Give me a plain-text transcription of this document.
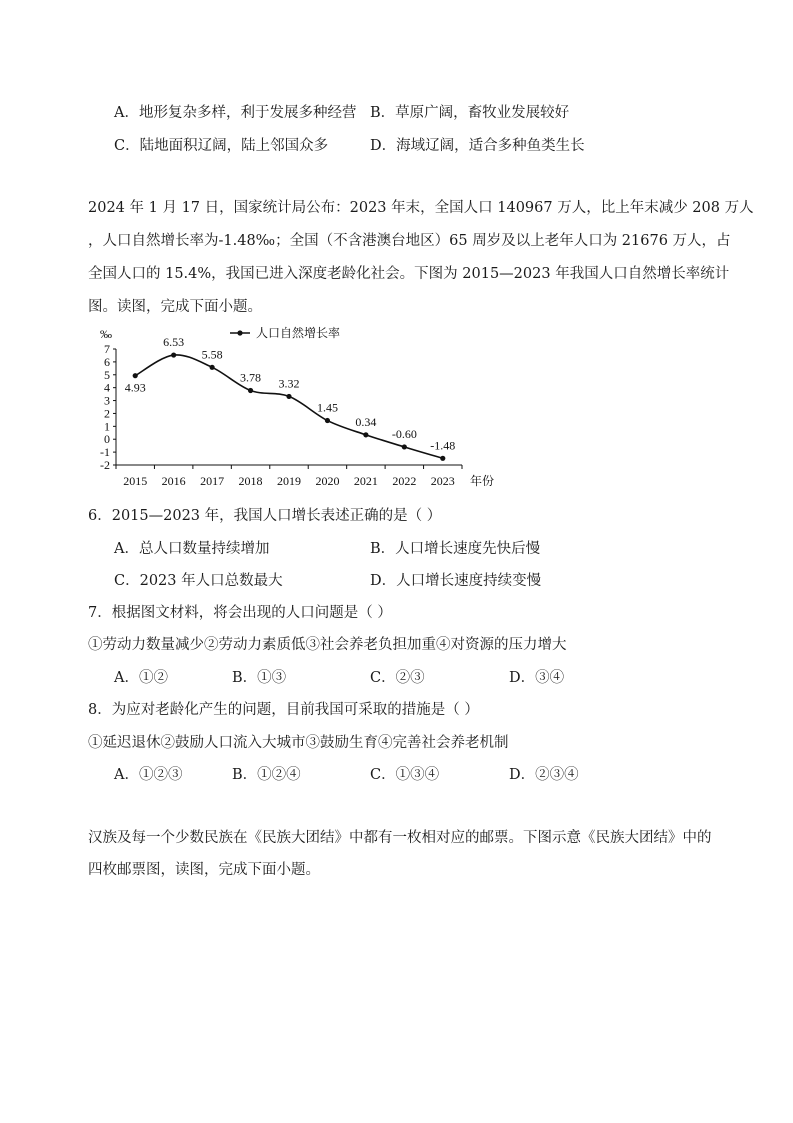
A．地形复杂多样，利于发展多种经营 B．草原广阔，畜牧业发展较好
C．陆地面积辽阔，陆上邻国众多	D．海域辽阔，适合多种鱼类生长
2024 年 1 月 17 日，国家统计局公布：2023 年末，全国人口 140967 万人，比上年末减少 208 万人
，人口自然增长率为-1.48‰；全国（不含港澳台地区）65 周岁及以上老年人口为 21676 万人，占
全国人口的 15.4%，我国已进入深度老龄化社会。下图为 2015—2023 年我国人口自然增长率统计
图。读图，完成下面小题。
-2
-1
0
1
2
3
4
5
6
7
2015 2016 2017 2018 2019 2020 2021 2022 2023
4.93
6.53
5.58
3.78 3.32
1.45
0.34
-0.60
-1.48
‰
年份
人口自然增长率
6．2015—2023 年，我国人口增长表述正确的是（ ）
A．总人口数量持续增加	B．人口增长速度先快后慢
C．2023 年人口总数最大	D．人口增长速度持续变慢
7．根据图文材料，将会出现的人口问题是（ ）
①劳动力数量减少②劳动力素质低③社会养老负担加重④对资源的压力增大
A．①②	B．①③	C．②③	D．③④
8．为应对老龄化产生的问题，目前我国可采取的措施是（ ）
①延迟退休②鼓励人口流入大城市③鼓励生育④完善社会养老机制
A．①②③	B．①②④	C．①③④	D．②③④
汉族及每一个少数民族在《民族大团结》中都有一枚相对应的邮票。下图示意《民族大团结》中的
四枚邮票图，读图，完成下面小题。
